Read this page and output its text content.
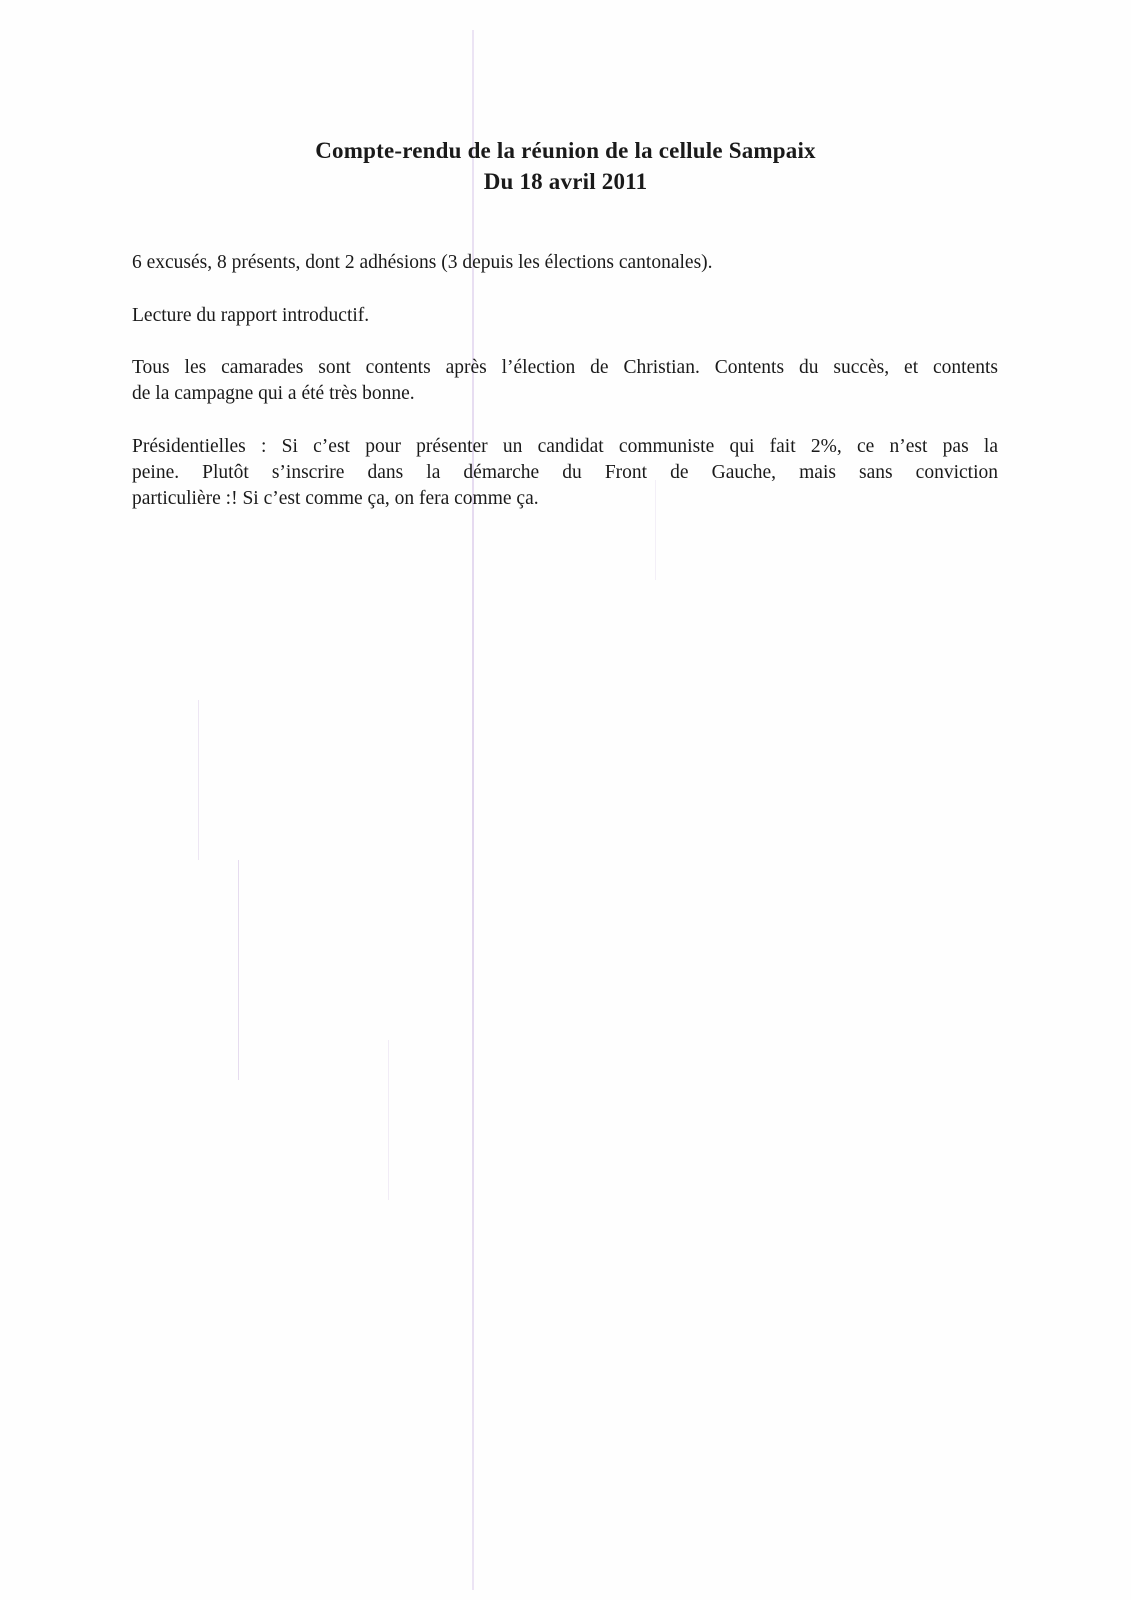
Compte-rendu de la réunion de la cellule Sampaix
Du 18 avril 2011

6 excusés, 8 présents, dont 2 adhésions (3 depuis les élections cantonales).

Lecture du rapport introductif.

Tous les camarades sont contents après l’élection de Christian. Contents du succès, et contents
de la campagne qui a été très bonne.

Présidentielles : Si c’est pour présenter un candidat communiste qui fait 2%, ce n’est pas la
peine. Plutôt s’inscrire dans la démarche du Front de Gauche, mais sans conviction
particulière :! Si c’est comme ça, on fera comme ça.
